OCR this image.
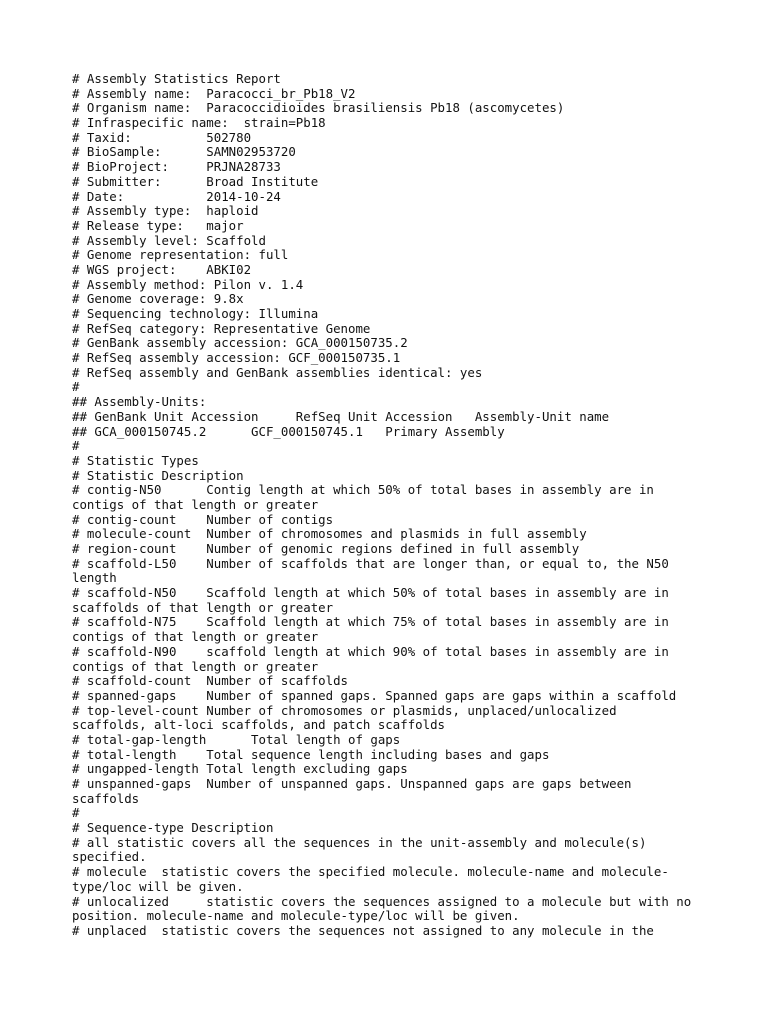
# Assembly Statistics Report
# Assembly name:  Paracocci_br_Pb18_V2
# Organism name:  Paracoccidioides brasiliensis Pb18 (ascomycetes)
# Infraspecific name:  strain=Pb18
# Taxid:          502780
# BioSample:      SAMN02953720
# BioProject:     PRJNA28733
# Submitter:      Broad Institute
# Date:           2014-10-24
# Assembly type:  haploid
# Release type:   major
# Assembly level: Scaffold
# Genome representation: full
# WGS project:    ABKI02
# Assembly method: Pilon v. 1.4
# Genome coverage: 9.8x
# Sequencing technology: Illumina
# RefSeq category: Representative Genome
# GenBank assembly accession: GCA_000150735.2
# RefSeq assembly accession: GCF_000150735.1
# RefSeq assembly and GenBank assemblies identical: yes
#
## Assembly-Units:
## GenBank Unit Accession     RefSeq Unit Accession   Assembly-Unit name
## GCA_000150745.2      GCF_000150745.1   Primary Assembly
#
# Statistic Types
# Statistic Description
# contig-N50      Contig length at which 50% of total bases in assembly are in
contigs of that length or greater
# contig-count    Number of contigs
# molecule-count  Number of chromosomes and plasmids in full assembly
# region-count    Number of genomic regions defined in full assembly
# scaffold-L50    Number of scaffolds that are longer than, or equal to, the N50
length
# scaffold-N50    Scaffold length at which 50% of total bases in assembly are in
scaffolds of that length or greater
# scaffold-N75    Scaffold length at which 75% of total bases in assembly are in
contigs of that length or greater
# scaffold-N90    scaffold length at which 90% of total bases in assembly are in
contigs of that length or greater
# scaffold-count  Number of scaffolds
# spanned-gaps    Number of spanned gaps. Spanned gaps are gaps within a scaffold
# top-level-count Number of chromosomes or plasmids, unplaced/unlocalized
scaffolds, alt-loci scaffolds, and patch scaffolds
# total-gap-length      Total length of gaps
# total-length    Total sequence length including bases and gaps
# ungapped-length Total length excluding gaps
# unspanned-gaps  Number of unspanned gaps. Unspanned gaps are gaps between
scaffolds
#
# Sequence-type Description
# all statistic covers all the sequences in the unit-assembly and molecule(s)
specified.
# molecule  statistic covers the specified molecule. molecule-name and molecule-
type/loc will be given.
# unlocalized     statistic covers the sequences assigned to a molecule but with no
position. molecule-name and molecule-type/loc will be given.
# unplaced  statistic covers the sequences not assigned to any molecule in the
